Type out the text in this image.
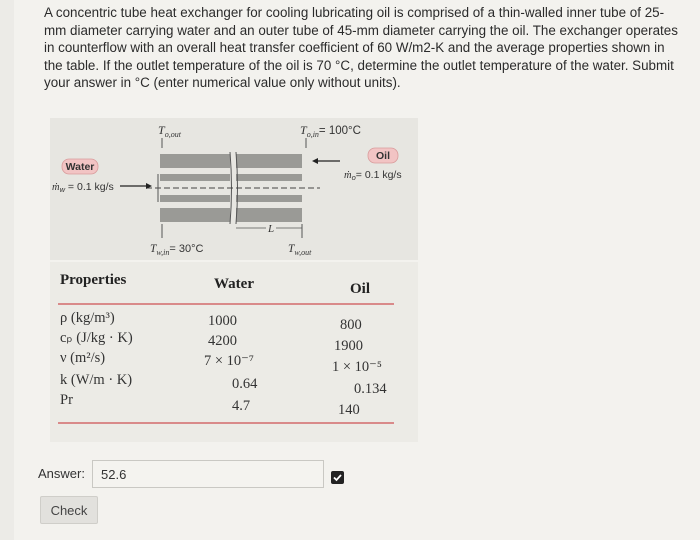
A concentric tube heat exchanger for cooling lubricating oil is comprised of a thin-walled inner tube of 25-mm diameter carrying water and an outer tube of 45-mm diameter carrying the oil. The exchanger operates in counterflow with an overall heat transfer coefficient of 60 W/m2-K and the average properties shown in the table. If the outlet temperature of the oil is 70 °C, determine the outlet temperature of the water. Submit your answer in °C (enter numerical value only without units).
$T_{o,out}$	$T_{o,in}= 100^\circ C$
Water
ṁw = 0.1 kg/s
Oil
ṁo= 0.1 kg/s
L
$T_{w,in}= 30^\circ C$	$T_{w,out}$
Properties	Water	Oil
ρ (kg/m³)	1000	800
cₚ (J/kg · K)	4200	1900
ν (m²/s)	7 × 10⁻⁷	1 × 10⁻⁵
k (W/m · K)	0.64	0.134
Pr	4.7	140
Answer:
52.6
Check
